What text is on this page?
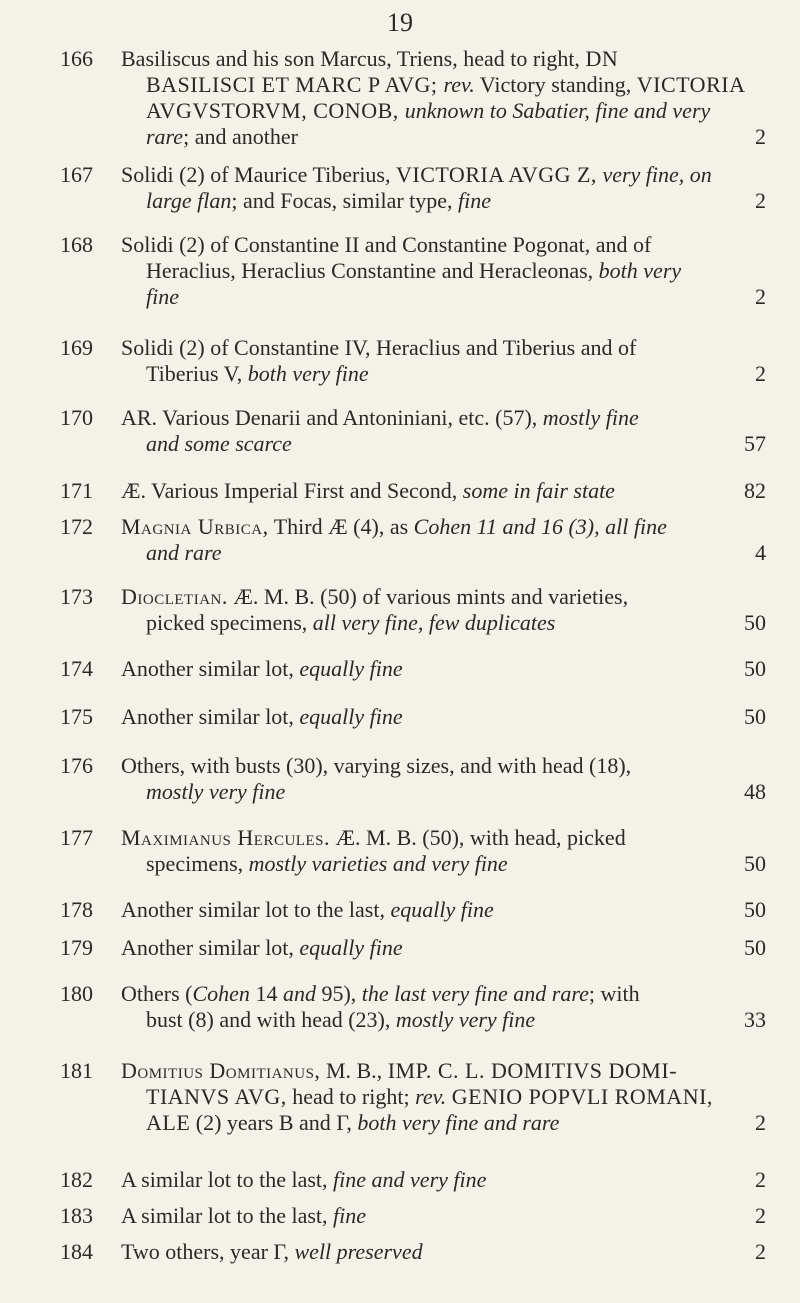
19
166	Basiliscus and his son Marcus, Triens, head to right, DN
BASILISCI ET MARC P AVG; rev. Victory standing, VICTORIA
AVGVSTORVM, CONOB, unknown to Sabatier, fine and very
rare; and another	2
167	Solidi (2) of Maurice Tiberius, VICTORIA AVGG Z, very fine, on
large flan; and Focas, similar type, fine	2
168	Solidi (2) of Constantine II and Constantine Pogonat, and of
Heraclius, Heraclius Constantine and Heracleonas, both very
fine	2
169	Solidi (2) of Constantine IV, Heraclius and Tiberius and of
Tiberius V, both very fine	2
170	AR. Various Denarii and Antoniniani, etc. (57), mostly fine
and some scarce	57
171	Æ. Various Imperial First and Second, some in fair state	82
172	Magnia Urbica, Third Æ (4), as Cohen 11 and 16 (3), all fine
and rare	4
173	Diocletian. Æ. M. B. (50) of various mints and varieties,
picked specimens, all very fine, few duplicates	50
174	Another similar lot, equally fine	50
175	Another similar lot, equally fine	50
176	Others, with busts (30), varying sizes, and with head (18),
mostly very fine	48
177	Maximianus Hercules. Æ. M. B. (50), with head, picked
specimens, mostly varieties and very fine	50
178	Another similar lot to the last, equally fine	50
179	Another similar lot, equally fine	50
180	Others (Cohen 14 and 95), the last very fine and rare; with
bust (8) and with head (23), mostly very fine	33
181	Domitius Domitianus, M. B., IMP. C. L. DOMITIVS DOMI-
TIANVS AVG, head to right; rev. GENIO POPVLI ROMANI,
ALE (2) years B and Γ, both very fine and rare	2
182	A similar lot to the last, fine and very fine	2
183	A similar lot to the last, fine	2
184	Two others, year Γ, well preserved	2
